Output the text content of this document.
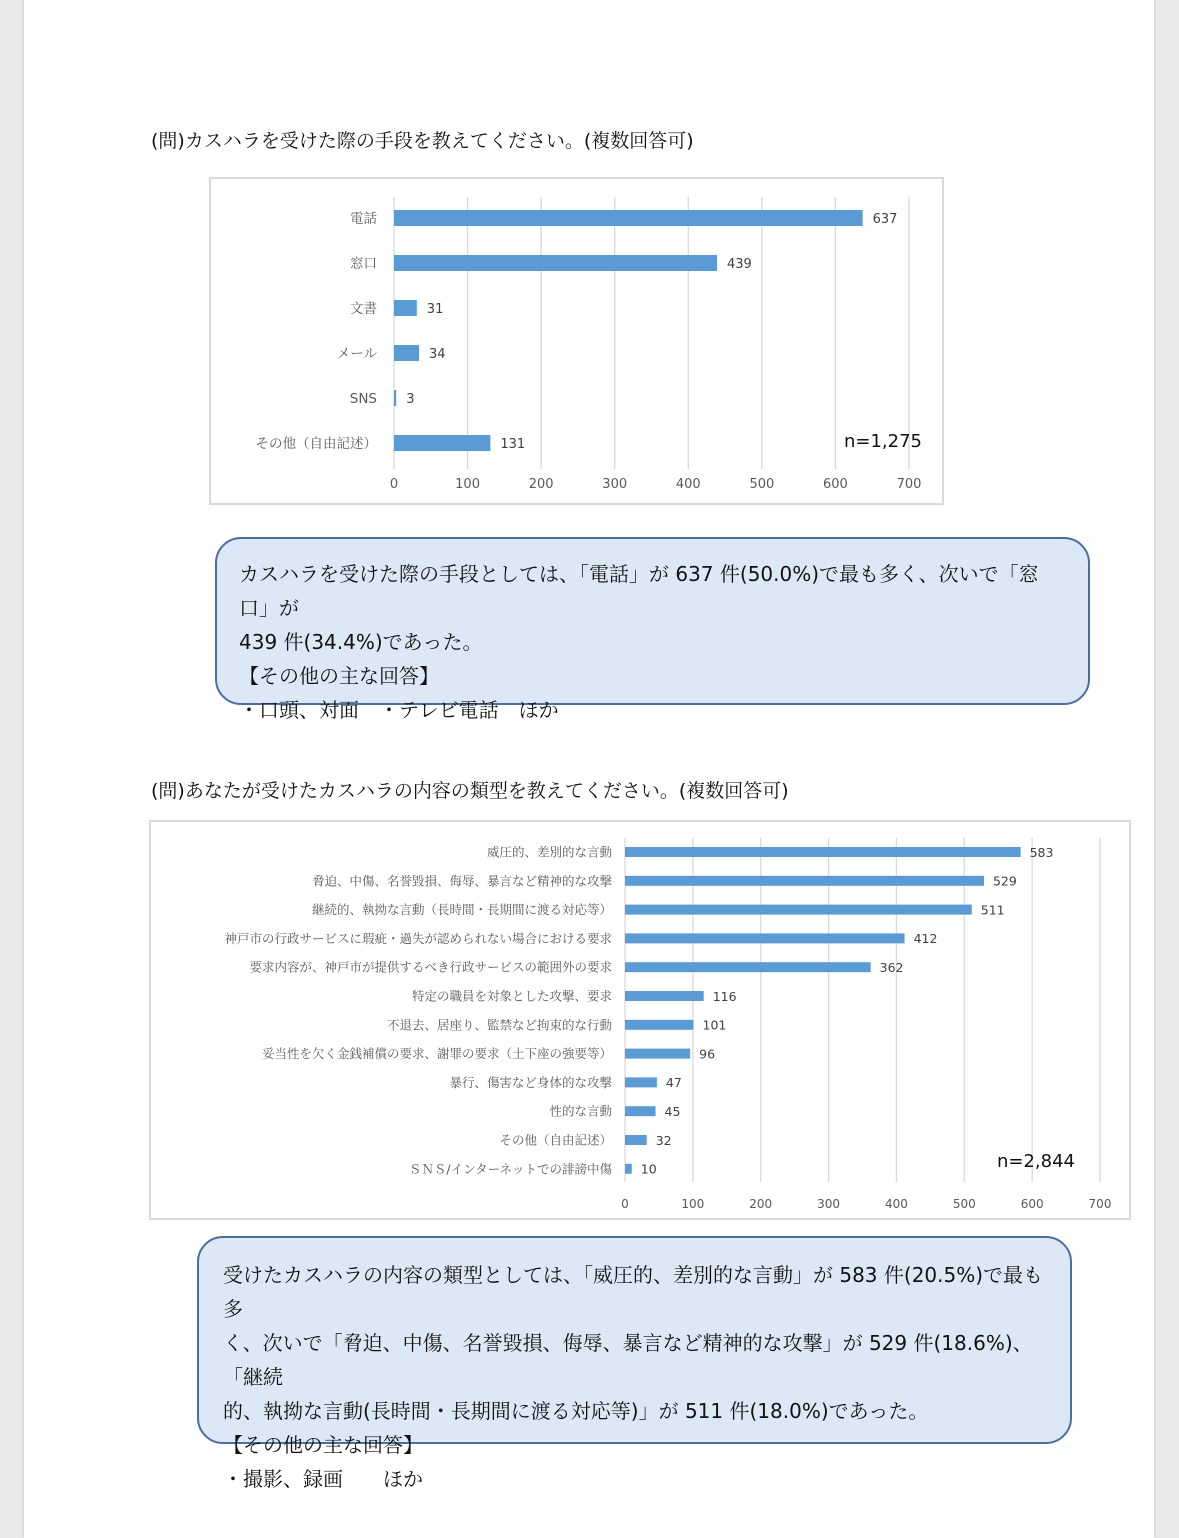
(問)カスハラを受けた際の手段を教えてください。(複数回答可)
0	100	200	300	400	500	600	700
電話	637
窓口	439
文書	31
メール	34
SNS 3
その他（自由記述）	131	n=1,275

カスハラを受けた際の手段としては、「電話」が 637 件(50.0%)で最も多く、次いで「窓口」が

439 件(34.4%)であった。

【その他の主な回答】

・口頭、対面　・テレビ電話　ほか

(問)あなたが受けたカスハラの内容の類型を教えてください。(複数回答可)
0	100	200	300	400	500	600	700
威圧的、差別的な言動	583
脅迫、中傷、名誉毀損、侮辱、暴言など精神的な攻撃	529
継続的、執拗な言動（長時間・長期間に渡る対応等）	511
神戸市の行政サービスに瑕疵・過失が認められない場合における要求	412
要求内容が、神戸市が提供するべき行政サービスの範囲外の要求	362
特定の職員を対象とした攻撃、要求	116
不退去、居座り、監禁など拘束的な行動	101
妥当性を欠く金銭補償の要求、謝罪の要求（土下座の強要等）	96
暴行、傷害など身体的な攻撃	47
性的な言動	45
その他（自由記述）	32
ＳＮＳ/インターネットでの誹謗中傷 10	n=2,844

受けたカスハラの内容の類型としては、「威圧的、差別的な言動」が 583 件(20.5%)で最も多

く、次いで「脅迫、中傷、名誉毀損、侮辱、暴言など精神的な攻撃」が 529 件(18.6%)、「継続

的、執拗な言動(長時間・長期間に渡る対応等)」が 511 件(18.0%)であった。

【その他の主な回答】

・撮影、録画　　ほか
